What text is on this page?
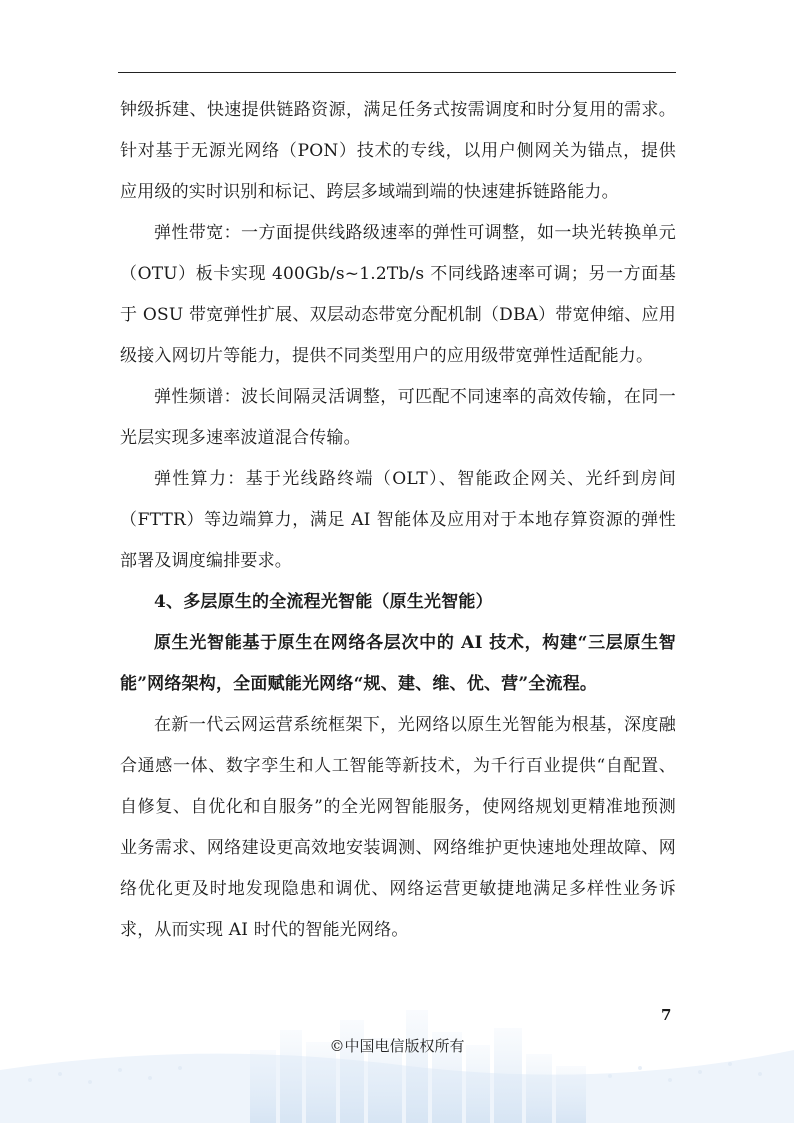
钟级拆建、快速提供链路资源，满足任务式按需调度和时分复用的需求。针对基于无源光网络（PON）技术的专线，以用户侧网关为锚点，提供应用级的实时识别和标记、跨层多域端到端的快速建拆链路能力。

弹性带宽：一方面提供线路级速率的弹性可调整，如一块光转换单元（OTU）板卡实现 400Gb/s~1.2Tb/s 不同线路速率可调；另一方面基于 OSU 带宽弹性扩展、双层动态带宽分配机制（DBA）带宽伸缩、应用级接入网切片等能力，提供不同类型用户的应用级带宽弹性适配能力。

弹性频谱：波长间隔灵活调整，可匹配不同速率的高效传输，在同一光层实现多速率波道混合传输。

弹性算力：基于光线路终端（OLT）、智能政企网关、光纤到房间（FTTR）等边端算力，满足 AI 智能体及应用对于本地存算资源的弹性部署及调度编排要求。

4、多层原生的全流程光智能（原生光智能）

原生光智能基于原生在网络各层次中的 AI 技术，构建“三层原生智能”网络架构，全面赋能光网络“规、建、维、优、营”全流程。

在新一代云网运营系统框架下，光网络以原生光智能为根基，深度融合通感一体、数字孪生和人工智能等新技术，为千行百业提供“自配置、自修复、自优化和自服务”的全光网智能服务，使网络规划更精准地预测业务需求、网络建设更高效地安装调测、网络维护更快速地处理故障、网络优化更及时地发现隐患和调优、网络运营更敏捷地满足多样性业务诉求，从而实现 AI 时代的智能光网络。

7
©中国电信版权所有
